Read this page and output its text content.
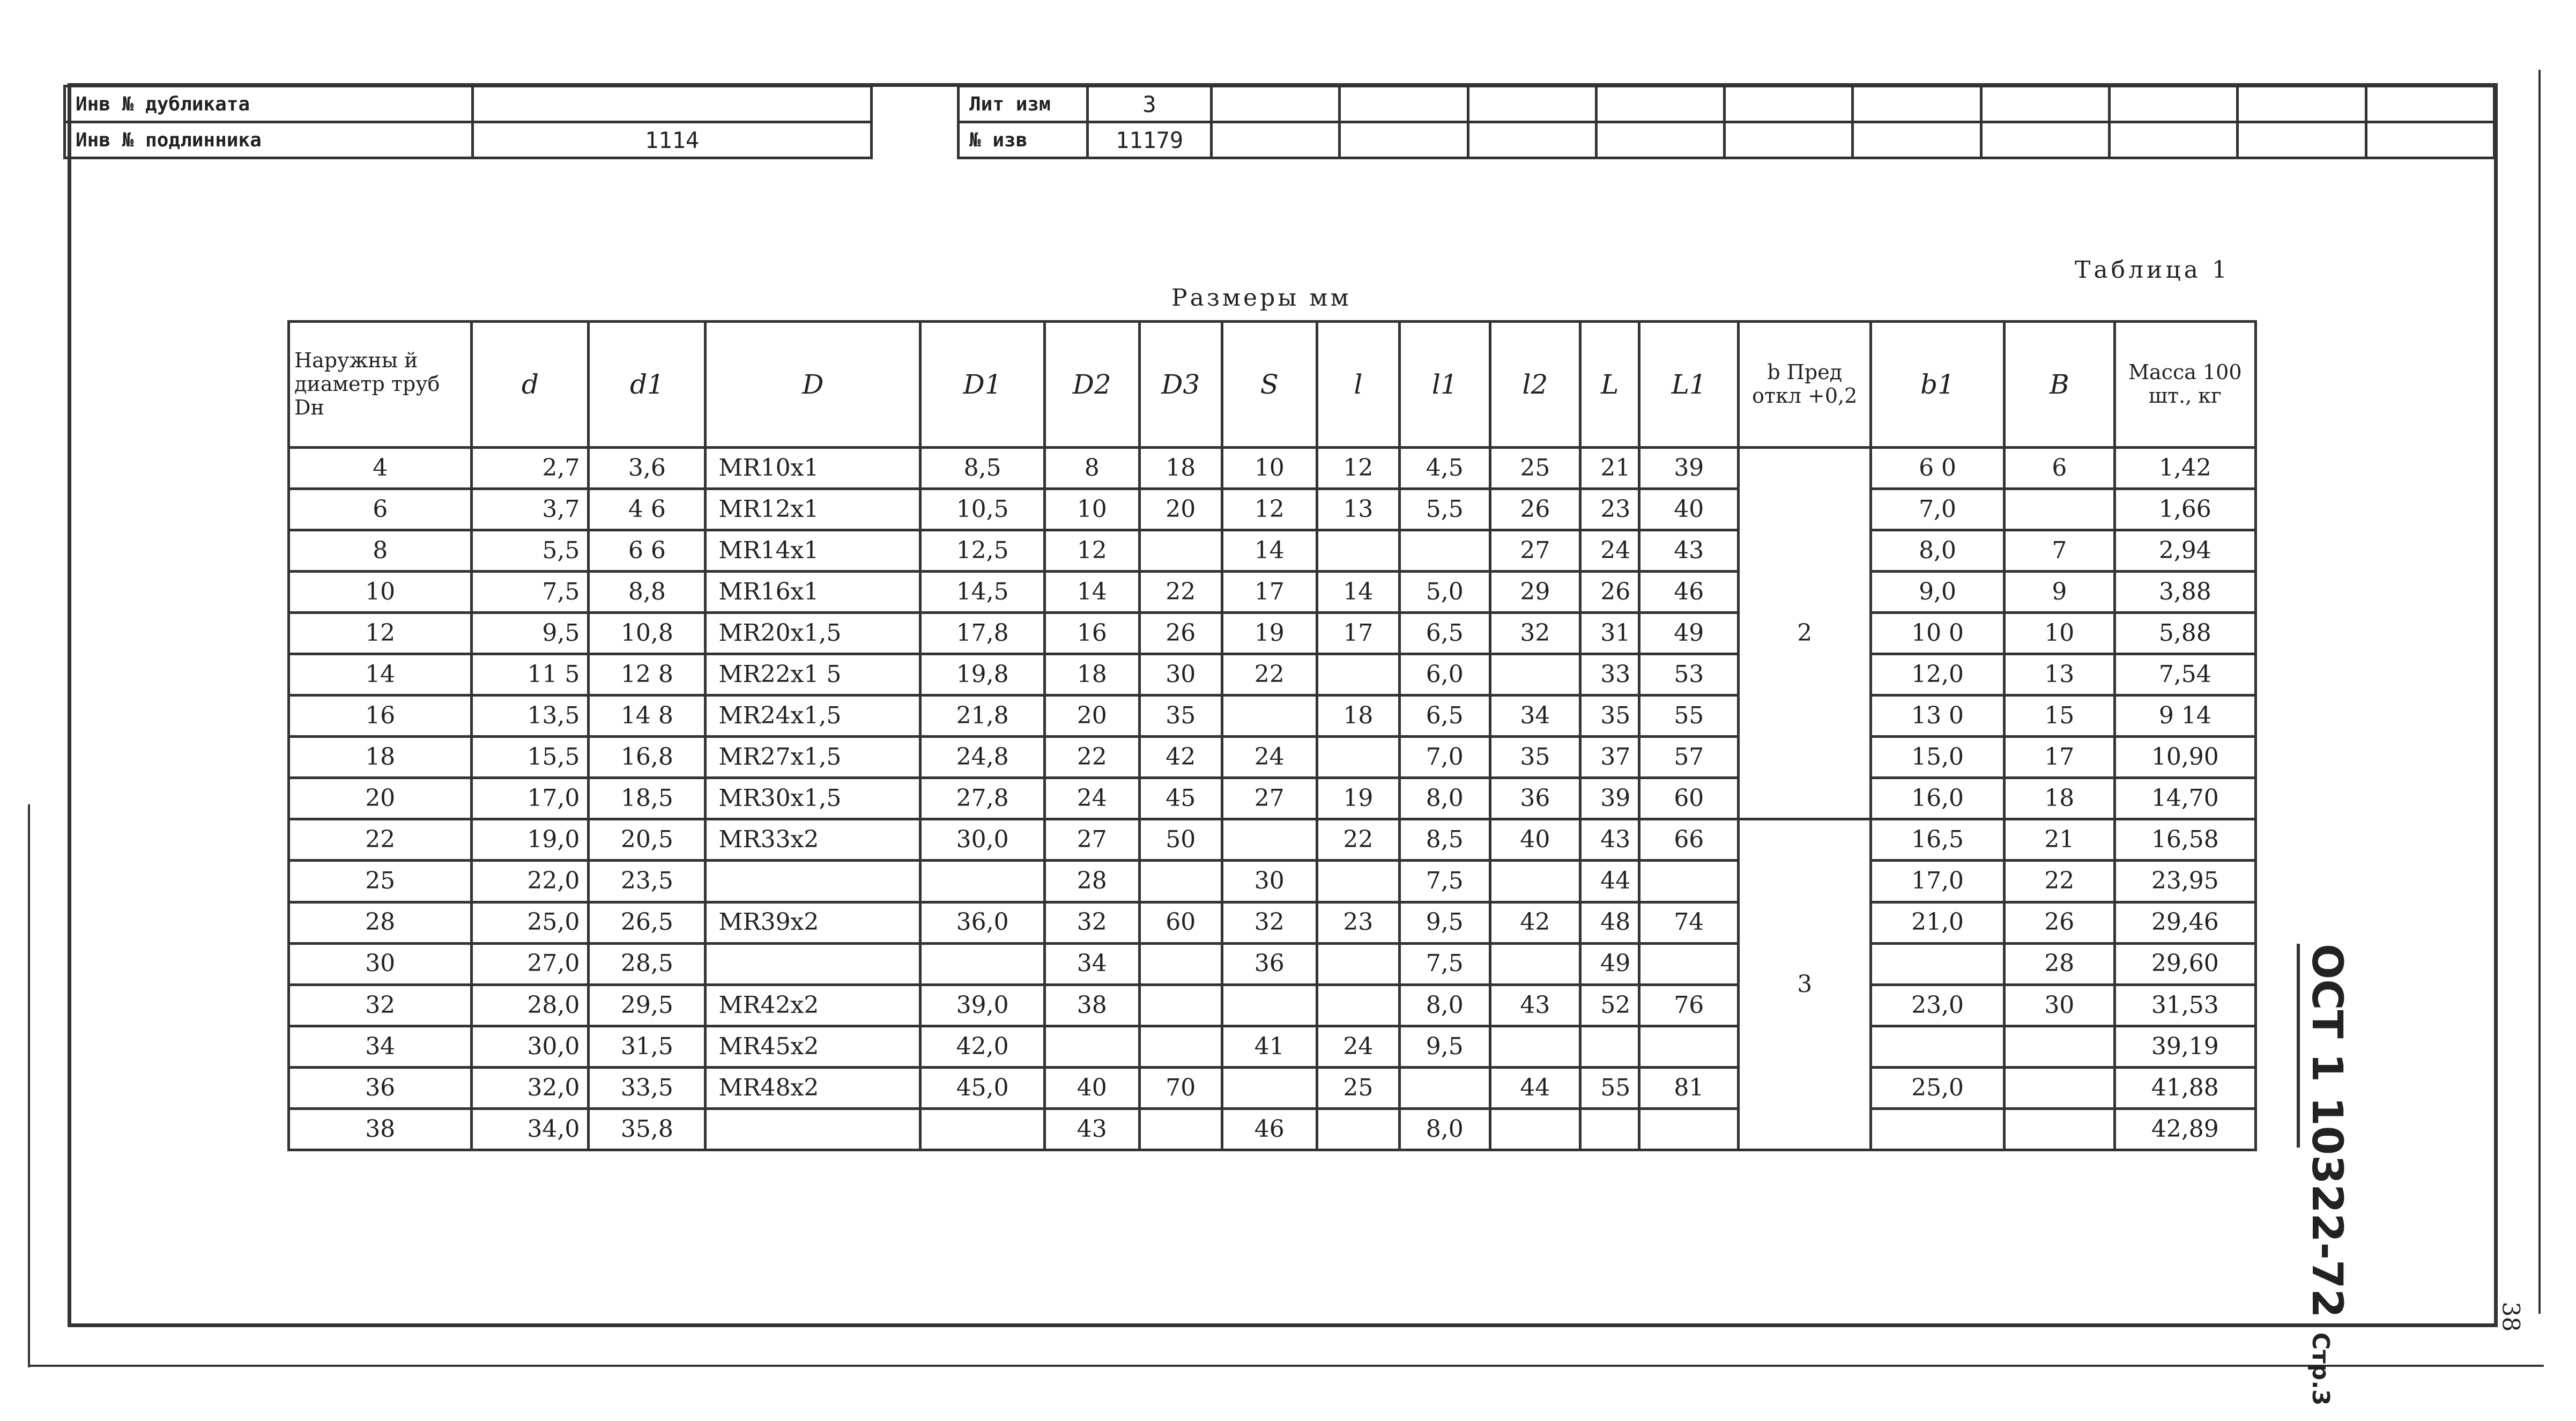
Инв № дубликата	
Инв № подлинника	1114
Лит изм	3										
№ изв	11179										
Таблица 1
Размеры мм
Наружны й диаметр труб Dн	d	d1	D	D1	D2	D3	S	l	l1	l2	L	L1	b Пред откл +0,2	b1	B	Масса 100 шт., кг
4	2,7	3,6	MR10x1	8,5	8	18	10	12	4,5	25	21	39	2	6 0	6	1,42
6	3,7	4 6	MR12x1	10,5	10	20	12	13	5,5	26	23	40		7,0		1,66
8	5,5	6 6	MR14x1	12,5	12		14			27	24	43		8,0	7	2,94
10	7,5	8,8	MR16x1	14,5	14	22	17	14	5,0	29	26	46		9,0	9	3,88
12	9,5	10,8	MR20x1,5	17,8	16	26	19	17	6,5	32	31	49		10 0	10	5,88
14	11 5	12 8	MR22x1 5	19,8	18	30	22		6,0		33	53		12,0	13	7,54
16	13,5	14 8	MR24x1,5	21,8	20	35		18	6,5	34	35	55		13 0	15	9 14
18	15,5	16,8	MR27x1,5	24,8	22	42	24		7,0	35	37	57		15,0	17	10,90
20	17,0	18,5	MR30x1,5	27,8	24	45	27	19	8,0	36	39	60		16,0	18	14,70
22	19,0	20,5	MR33x2	30,0	27	50		22	8,5	40	43	66	3	16,5	21	16,58
25	22,0	23,5			28		30		7,5		44			17,0	22	23,95
28	25,0	26,5	MR39x2	36,0	32	60	32	23	9,5	42	48	74		21,0	26	29,46
30	27,0	28,5			34		36		7,5		49				28	29,60
32	28,0	29,5	MR42x2	39,0	38				8,0	43	52	76		23,0	30	31,53
34	30,0	31,5	MR45x2	42,0			41	24	9,5							39,19
36	32,0	33,5	MR48x2	45,0	40	70		25		44	55	81		25,0		41,88
38	34,0	35,8			43		46		8,0							42,89 ОСТ 1 10322-72 Стр.3
38
